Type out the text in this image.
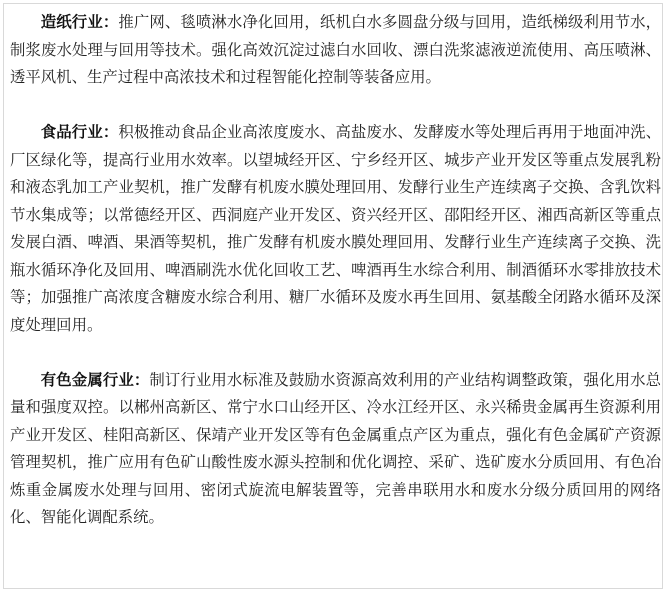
造纸行业：推广网、毯喷淋水净化回用，纸机白水多圆盘分级与回用，造纸梯级利用节水，制浆废水处理与回用等技术。强化高效沉淀过滤白水回收、漂白洗浆滤液逆流使用、高压喷淋、透平风机、生产过程中高浓技术和过程智能化控制等装备应用。

食品行业：积极推动食品企业高浓度废水、高盐废水、发酵废水等处理后再用于地面冲洗、厂区绿化等，提高行业用水效率。以望城经开区、宁乡经开区、城步产业开发区等重点发展乳粉和液态乳加工产业契机，推广发酵有机废水膜处理回用、发酵行业生产连续离子交换、含乳饮料节水集成等；以常德经开区、西洞庭产业开发区、资兴经开区、邵阳经开区、湘西高新区等重点发展白酒、啤酒、果酒等契机，推广发酵有机废水膜处理回用、发酵行业生产连续离子交换、洗瓶水循环净化及回用、啤酒刷洗水优化回收工艺、啤酒再生水综合利用、制酒循环水零排放技术等；加强推广高浓度含糖废水综合利用、糖厂水循环及废水再生回用、氨基酸全闭路水循环及深度处理回用。

有色金属行业：制订行业用水标准及鼓励水资源高效利用的产业结构调整政策，强化用水总量和强度双控。以郴州高新区、常宁水口山经开区、冷水江经开区、永兴稀贵金属再生资源利用产业开发区、桂阳高新区、保靖产业开发区等有色金属重点产区为重点，强化有色金属矿产资源管理契机，推广应用有色矿山酸性废水源头控制和优化调控、采矿、选矿废水分质回用、有色冶炼重金属废水处理与回用、密闭式旋流电解装置等，完善串联用水和废水分级分质回用的网络化、智能化调配系统。
